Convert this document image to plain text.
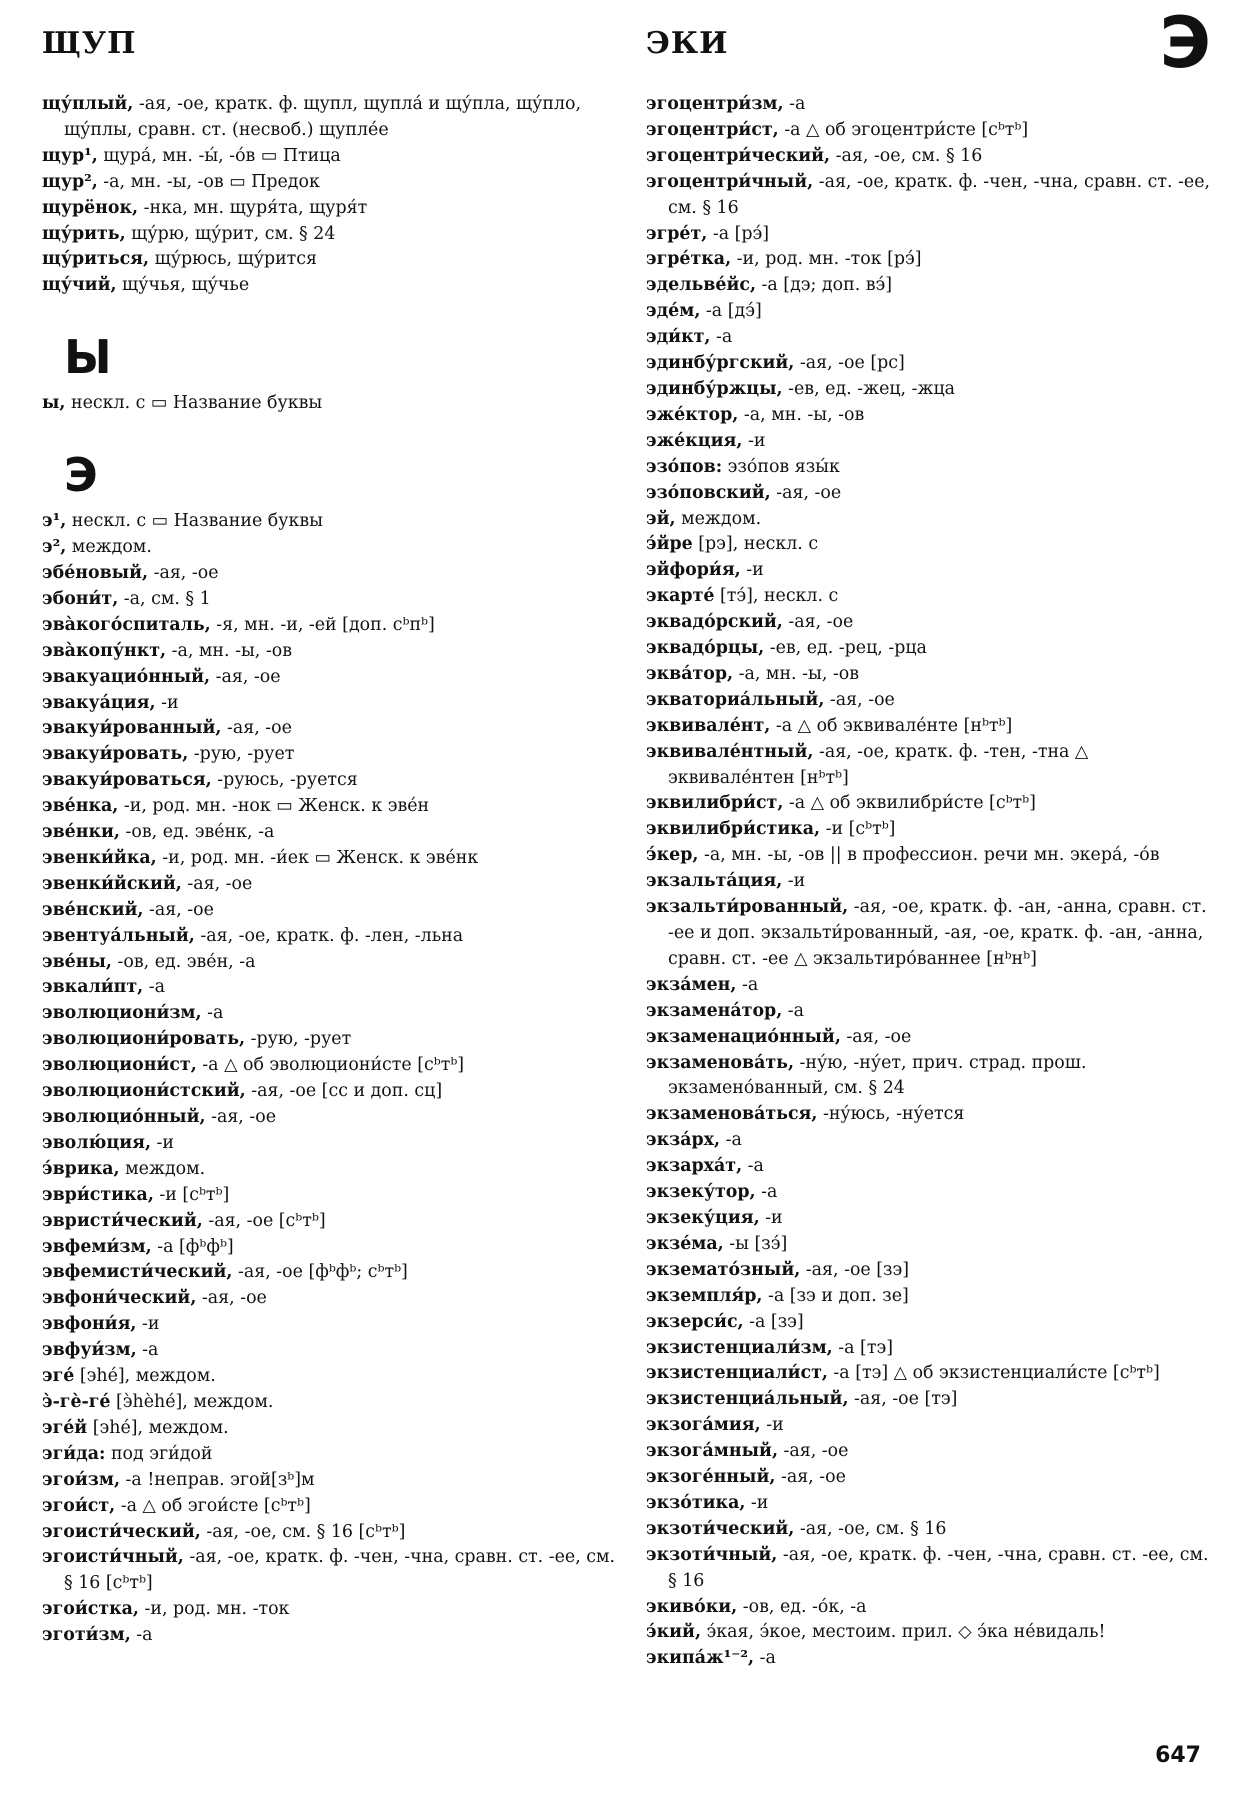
ЩУП	ЭКИ	Э
щу́плый, -ая, -ое, кратк. ф. щупл, щупла́ и щу́пла, щу́пло, щу́плы, сравн. ст. (несвоб.) щуплée
щур¹, щура́, мн. -ы́, -о́в ▭ Птица
щур², -а, мн. -ы, -ов ▭ Предок
щурёнок, -нка, мн. щуря́та, щуря́т
щу́рить, щу́рю, щу́рит, см. § 24
щу́риться, щу́рюсь, щу́рится
щу́чий, щу́чья, щу́чье
Ы
ы, нескл. с ▭ Название буквы
Э
э¹, нескл. с ▭ Название буквы
э², междом.
эбе́новый, -ая, -ое
эбони́т, -а, см. § 1
эва̀кого́спиталь, -я, мн. -и, -ей [доп. сᵇпᵇ]
эва̀копу́нкт, -а, мн. -ы, -ов
эвакуацио́нный, -ая, -ое
эвакуа́ция, -и
эвакуи́рованный, -ая, -ое
эвакуи́ровать, -рую, -рует
эвакуи́роваться, -руюсь, -руется
эве́нка, -и, род. мн. -нок ▭ Женск. к эве́н
эве́нки, -ов, ед. эве́нк, -а
эвенки́йка, -и, род. мн. -и́ек ▭ Женск. к эве́нк
эвенки́йский, -ая, -ое
эве́нский, -ая, -ое
эвентуа́льный, -ая, -ое, кратк. ф. -лен, -льна
эве́ны, -ов, ед. эве́н, -а
эвкали́пт, -а
эволюциони́зм, -а
эволюциони́ровать, -рую, -рует
эволюциони́ст, -а △ об эволюциони́сте [сᵇтᵇ]
эволюциони́стский, -ая, -ое [сс и доп. сц]
эволюцио́нный, -ая, -ое
эволю́ция, -и
э́врика, междом.
эври́стика, -и [сᵇтᵇ]
эвристи́ческий, -ая, -ое [сᵇтᵇ]
эвфеми́зм, -а [фᵇфᵇ]
эвфемисти́ческий, -ая, -ое [фᵇфᵇ; сᵇтᵇ]
эвфони́ческий, -ая, -ое
эвфони́я, -и
эвфуи́зм, -а
эге́ [эhе́], междом.
э̀-гè-ге́ [э̀hèhе́], междом.
эге́й [эhе́], междом.
эги́да: под эги́дой
эгои́зм, -а !неправ. эгой[зᵇ]м
эгои́ст, -а △ об эгои́сте [сᵇтᵇ]
эгоисти́ческий, -ая, -ое, см. § 16 [сᵇтᵇ]
эгоисти́чный, -ая, -ое, кратк. ф. -чен, -чна, сравн. ст. -ее, см. § 16 [сᵇтᵇ]
эгои́стка, -и, род. мн. -ток
эготи́зм, -а
эгоцентри́зм, -а
эгоцентри́ст, -а △ об эгоцентри́сте [сᵇтᵇ]
эгоцентри́ческий, -ая, -ое, см. § 16
эгоцентри́чный, -ая, -ое, кратк. ф. -чен, -чна, сравн. ст. -ее, см. § 16
эгре́т, -а [рэ́]
эгре́тка, -и, род. мн. -ток [рэ́]
эдельве́йс, -а [дэ; доп. вэ́]
эде́м, -а [дэ́]
эди́кт, -а
эдинбу́ргский, -ая, -ое [рс]
эдинбу́ржцы, -ев, ед. -жец, -жца
эже́ктор, -а, мн. -ы, -ов
эже́кция, -и
эзо́пов: эзо́пов язы́к
эзо́повский, -ая, -ое
эй, междом.
э́йре [рэ], нескл. с
эйфори́я, -и
экарте́ [тэ́], нескл. с
эквадо́рский, -ая, -ое
эквадо́рцы, -ев, ед. -рец, -рца
эква́тор, -а, мн. -ы, -ов
экваториа́льный, -ая, -ое
эквивале́нт, -а △ об эквивале́нте [нᵇтᵇ]
эквивале́нтный, -ая, -ое, кратк. ф. -тен, -тна △ эквивале́нтен [нᵇтᵇ]
эквилибри́ст, -а △ об эквилибри́сте [сᵇтᵇ]
эквилибри́стика, -и [сᵇтᵇ]
э́кер, -а, мн. -ы, -ов || в профессион. речи мн. экера́, -о́в
экзальта́ция, -и
экзальти́рованный, -ая, -ое, кратк. ф. -ан, -анна, сравн. ст. -ее и доп. экзальти́рованный, -ая, -ое, кратк. ф. -ан, -анна, сравн. ст. -ее △ экзальтиро́ваннее [нᵇнᵇ]
экза́мен, -а
экзамена́тор, -а
экзаменацио́нный, -ая, -ое
экзаменова́ть, -ну́ю, -ну́ет, прич. страд. прош. экзамено́ванный, см. § 24
экзаменова́ться, -ну́юсь, -ну́ется
экза́рх, -а
экзарха́т, -а
экзеку́тор, -а
экзеку́ция, -и
экзе́ма, -ы [зэ́]
экземато́зный, -ая, -ое [зэ]
экземпля́р, -а [зэ и доп. зе]
экзерси́с, -а [зэ]
экзистенциали́зм, -а [тэ]
экзистенциали́ст, -а [тэ] △ об экзистенциали́сте [сᵇтᵇ]
экзистенциа́льный, -ая, -ое [тэ]
экзога́мия, -и
экзога́мный, -ая, -ое
экзоге́нный, -ая, -ое
экзо́тика, -и
экзоти́ческий, -ая, -ое, см. § 16
экзоти́чный, -ая, -ое, кратк. ф. -чен, -чна, сравн. ст. -ее, см. § 16
экиво́ки, -ов, ед. -о́к, -а
э́кий, э́кая, э́кое, местоим. прил. ◇ э́ка не́видаль!
экипа́ж¹⁻², -а
647
